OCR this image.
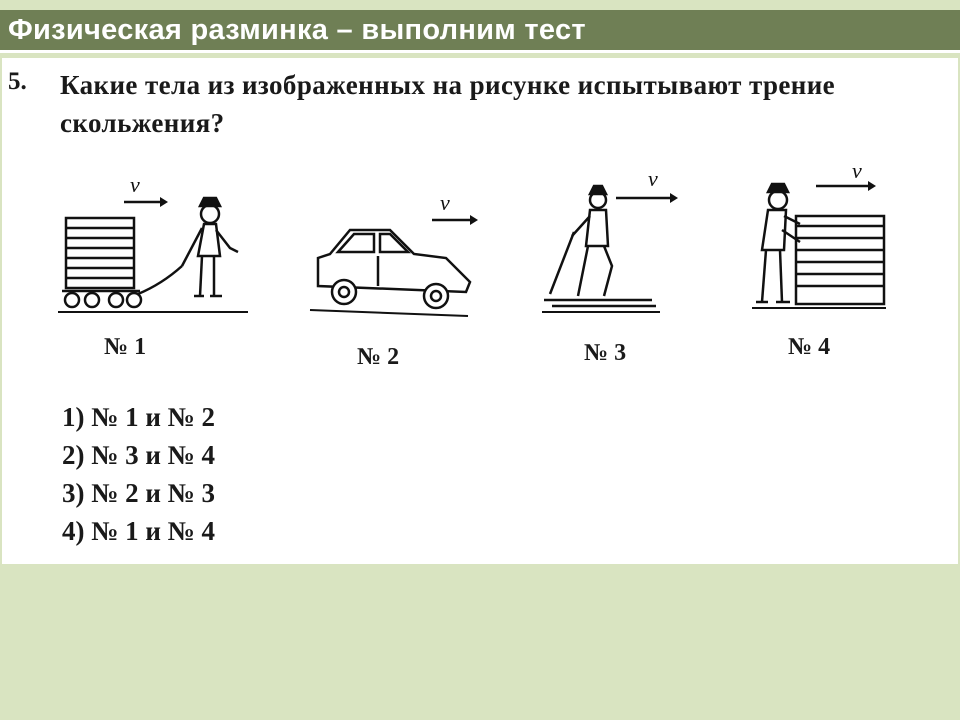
Физическая разминка – выполним тест
5. Какие тела из изображенных на рисунке испытывают трение скольжения?
v
№ 1
v
№ 2
v
№ 3
v
№ 4
1) № 1 и № 2
2) № 3 и № 4
3) № 2 и № 3
4) № 1 и № 4
